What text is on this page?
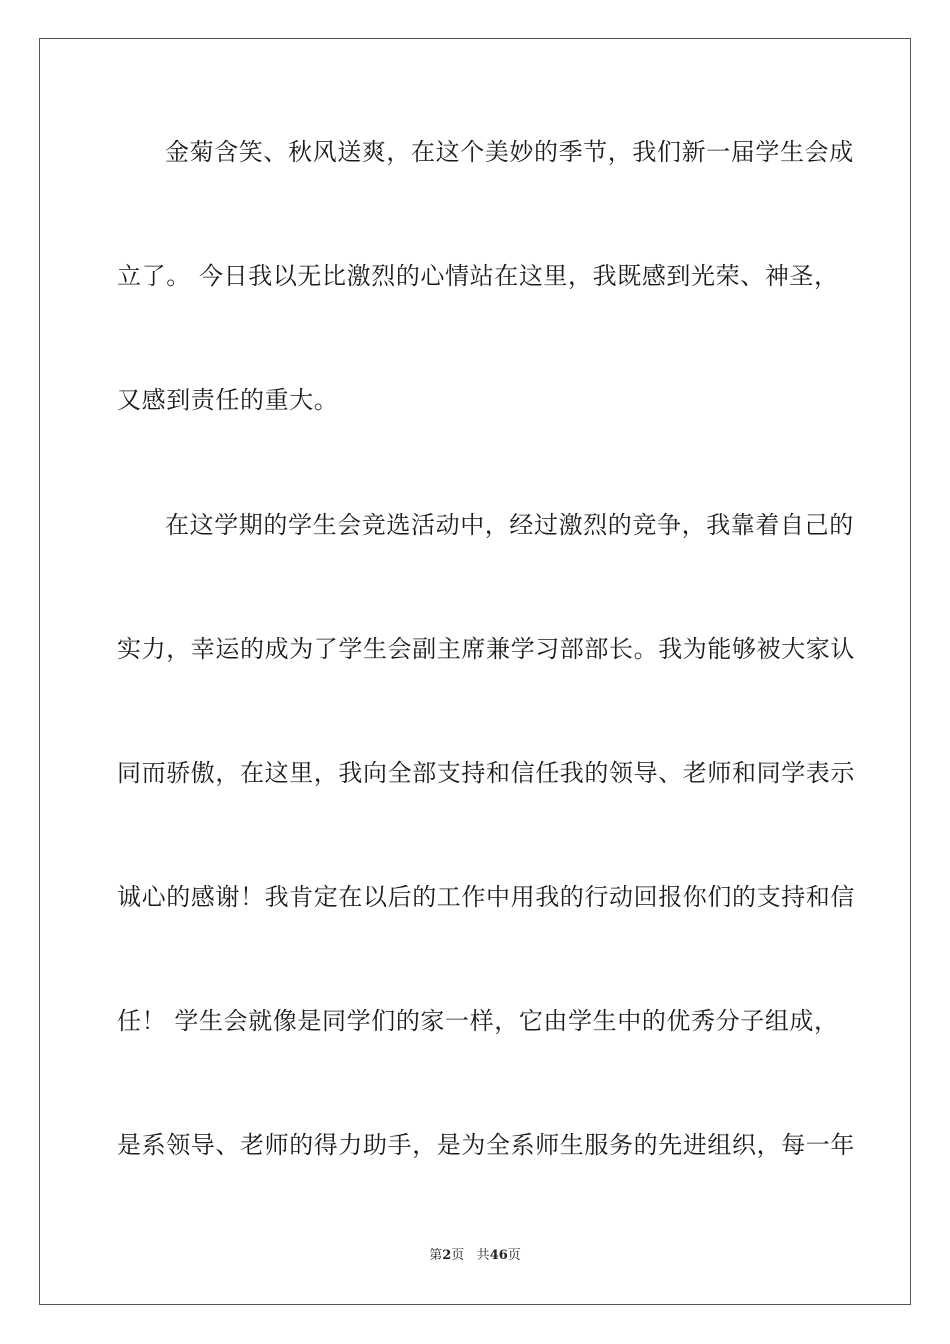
金菊含笑、秋风送爽，在这个美妙的季节，我们新一届学生会成
立了。 今日我以无比激烈的心情站在这里，我既感到光荣、神圣，
又感到责任的重大。
在这学期的学生会竞选活动中，经过激烈的竞争，我靠着自己的
实力，幸运的成为了学生会副主席兼学习部部长。我为能够被大家认
同而骄傲，在这里，我向全部支持和信任我的领导、老师和同学表示
诚心的感谢！我肯定在以后的工作中用我的行动回报你们的支持和信
任！ 学生会就像是同学们的家一样，它由学生中的优秀分子组成，
是系领导、老师的得力助手，是为全系师生服务的先进组织，每一年
第2页 共46页
